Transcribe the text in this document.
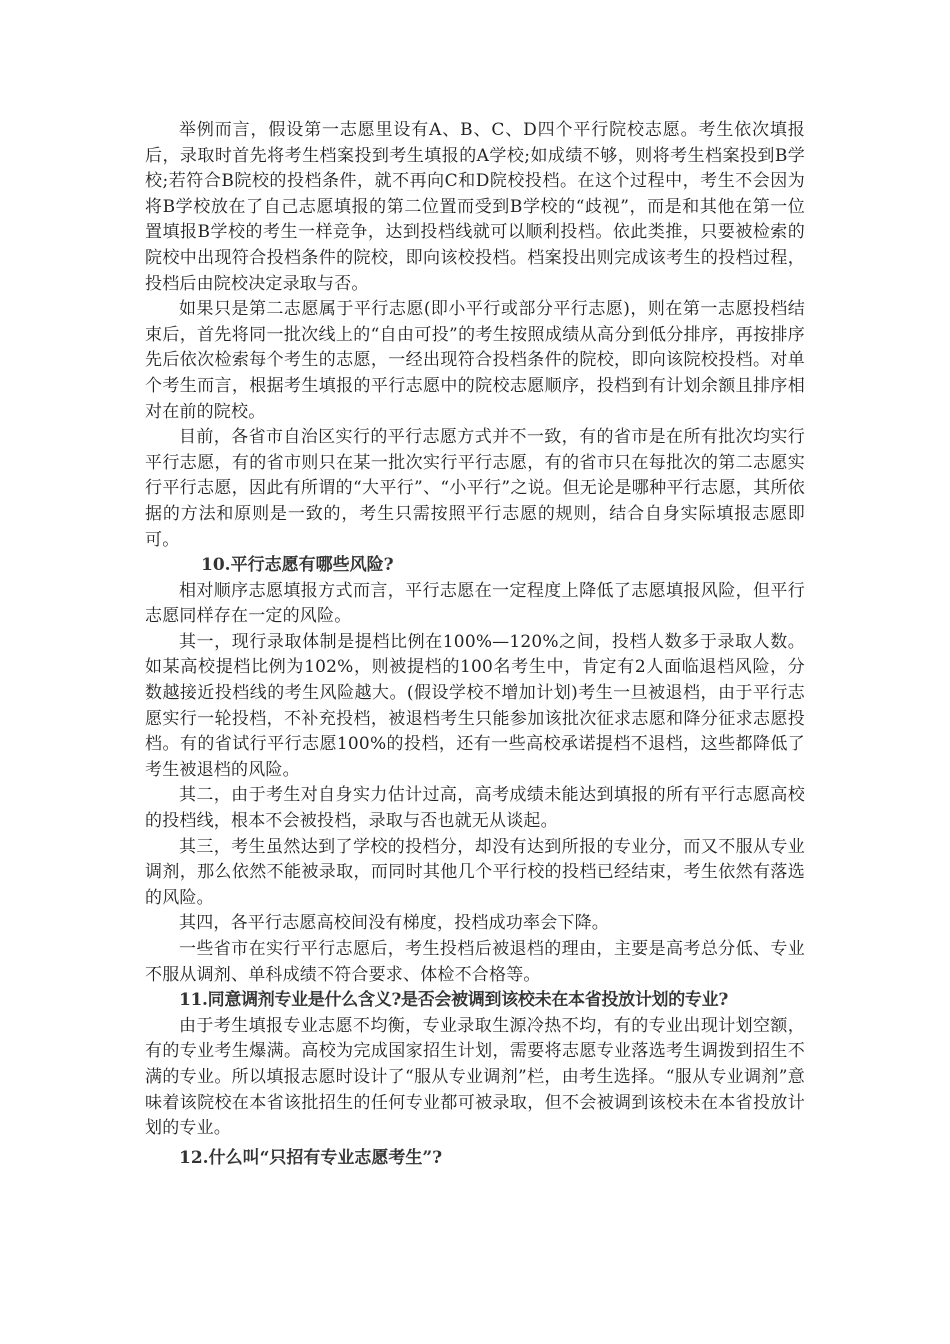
举例而言，假设第一志愿里设有A、B、C、D四个平行院校志愿。考生依次填报后，录取时首先将考生档案投到考生填报的A学校;如成绩不够，则将考生档案投到B学校;若符合B院校的投档条件，就不再向C和D院校投档。在这个过程中，考生不会因为将B学校放在了自己志愿填报的第二位置而受到B学校的“歧视”，而是和其他在第一位置填报B学校的考生一样竞争，达到投档线就可以顺利投档。依此类推，只要被检索的院校中出现符合投档条件的院校，即向该校投档。档案投出则完成该考生的投档过程，投档后由院校决定录取与否。

如果只是第二志愿属于平行志愿(即小平行或部分平行志愿)，则在第一志愿投档结束后，首先将同一批次线上的“自由可投”的考生按照成绩从高分到低分排序，再按排序先后依次检索每个考生的志愿，一经出现符合投档条件的院校，即向该院校投档。对单个考生而言，根据考生填报的平行志愿中的院校志愿顺序，投档到有计划余额且排序相对在前的院校。

目前，各省市自治区实行的平行志愿方式并不一致，有的省市是在所有批次均实行平行志愿，有的省市则只在某一批次实行平行志愿，有的省市只在每批次的第二志愿实行平行志愿，因此有所谓的“大平行”、“小平行”之说。但无论是哪种平行志愿，其所依据的方法和原则是一致的，考生只需按照平行志愿的规则，结合自身实际填报志愿即可。

10.平行志愿有哪些风险?

相对顺序志愿填报方式而言，平行志愿在一定程度上降低了志愿填报风险，但平行志愿同样存在一定的风险。

其一，现行录取体制是提档比例在100%—120%之间，投档人数多于录取人数。如某高校提档比例为102%，则被提档的100名考生中，肯定有2人面临退档风险，分数越接近投档线的考生风险越大。(假设学校不增加计划)考生一旦被退档，由于平行志愿实行一轮投档，不补充投档，被退档考生只能参加该批次征求志愿和降分征求志愿投档。有的省试行平行志愿100%的投档，还有一些高校承诺提档不退档，这些都降低了考生被退档的风险。

其二，由于考生对自身实力估计过高，高考成绩未能达到填报的所有平行志愿高校的投档线，根本不会被投档，录取与否也就无从谈起。

其三，考生虽然达到了学校的投档分，却没有达到所报的专业分，而又不服从专业调剂，那么依然不能被录取，而同时其他几个平行校的投档已经结束，考生依然有落选的风险。

其四，各平行志愿高校间没有梯度，投档成功率会下降。

一些省市在实行平行志愿后，考生投档后被退档的理由，主要是高考总分低、专业不服从调剂、单科成绩不符合要求、体检不合格等。

11.同意调剂专业是什么含义?是否会被调到该校未在本省投放计划的专业?

由于考生填报专业志愿不均衡，专业录取生源冷热不均，有的专业出现计划空额，有的专业考生爆满。高校为完成国家招生计划，需要将志愿专业落选考生调拨到招生不满的专业。所以填报志愿时设计了“服从专业调剂”栏，由考生选择。“服从专业调剂”意味着该院校在本省该批招生的任何专业都可被录取，但不会被调到该校未在本省投放计划的专业。

12.什么叫“只招有专业志愿考生”?
